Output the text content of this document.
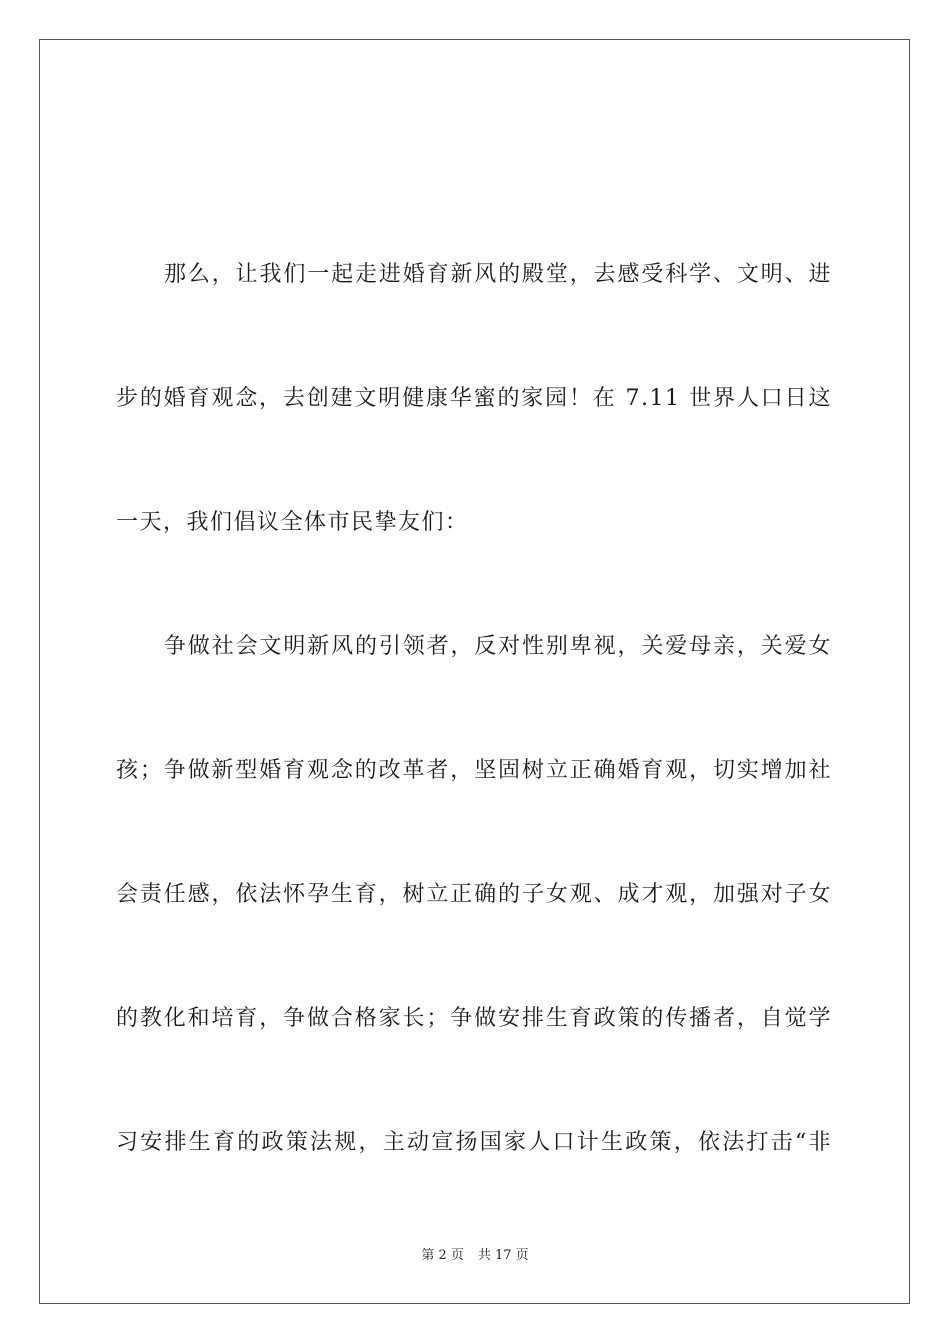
那么，让我们一起走进婚育新风的殿堂，去感受科学、文明、进
步的婚育观念，去创建文明健康华蜜的家园！在 7.11 世界人口日这
一天，我们倡议全体市民挚友们：
争做社会文明新风的引领者，反对性别卑视，关爱母亲，关爱女
孩；争做新型婚育观念的改革者，坚固树立正确婚育观，切实增加社
会责任感，依法怀孕生育，树立正确的子女观、成才观，加强对子女
的教化和培育，争做合格家长；争做安排生育政策的传播者，自觉学
习安排生育的政策法规，主动宣扬国家人口计生政策，依法打击“非
第 2 页 共 17 页
